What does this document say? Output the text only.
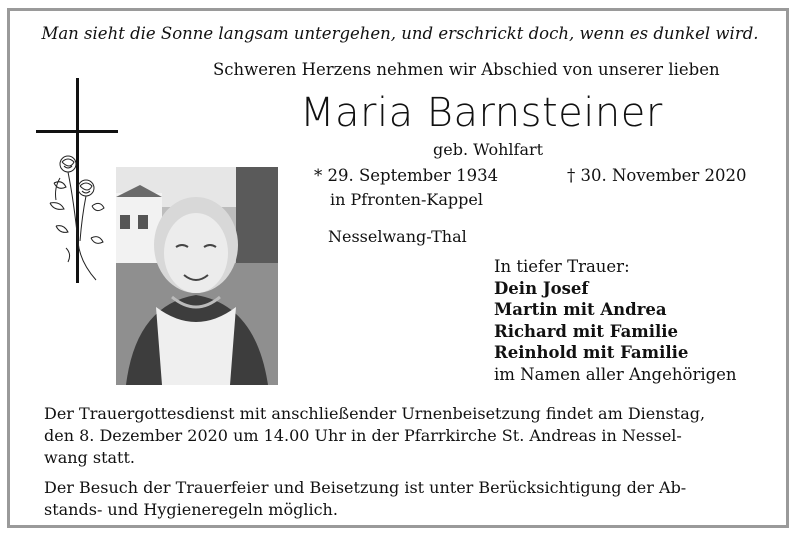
Man sieht die Sonne langsam untergehen, und erschrickt doch, wenn es dunkel wird.
Schweren Herzens nehmen wir Abschied von unserer lieben
Maria Barnsteiner
geb. Wohlfart
* 29. September 1934	† 30. November 2020
in Pfronten-Kappel
Nesselwang-Thal
In tiefer Trauer:
Dein Josef
Martin mit Andrea
Richard mit Familie
Reinhold mit Familie
im Namen aller Angehörigen
Der Trauergottesdienst mit anschließender Urnenbeisetzung findet am Dienstag,
den 8. Dezember 2020 um 14.00 Uhr in der Pfarrkirche St. Andreas in Nessel-
wang statt.
Der Besuch der Trauerfeier und Beisetzung ist unter Berücksichtigung der Ab-
stands- und Hygieneregeln möglich.
